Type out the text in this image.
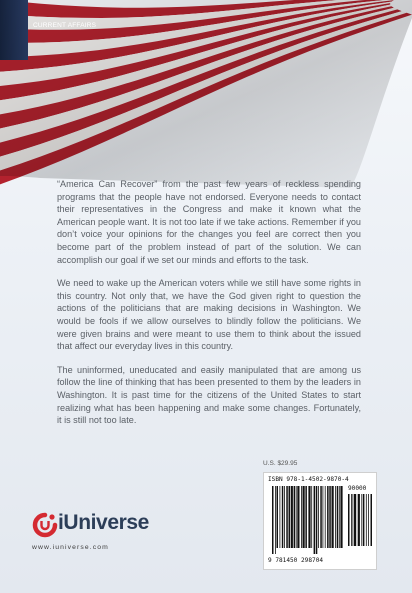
CURRENT AFFAIRS

“America Can Recover” from the past few years of reckless spending programs that the people have not endorsed. Everyone needs to contact their representatives in the Congress and make it known what the American people want. It is not too late if we take actions. Remember if you don’t voice your opinions for the changes you feel are correct then you become part of the problem instead of part of the solution. We can accomplish our goal if we set our minds and efforts to the task.

We need to wake up the American voters while we still have some rights in this country. Not only that, we have the God given right to question the actions of the politicians that are making decisions in Washington. We would be fools if we allow ourselves to blindly follow the politicians. We were given brains and were meant to use them to think about the issued that affect our everyday lives in this country.

The uninformed, uneducated and easily manipulated that are among us follow the line of thinking that has been presented to them by the leaders in Washington. It is past time for the citizens of the United States to start realizing what has been happening and make some changes. Fortunately, it is still not too late.

U.S. $29.95

iUniverse

www.iuniverse.com

ISBN 978-1-4502-9870-4

90000

9 781450 298704
